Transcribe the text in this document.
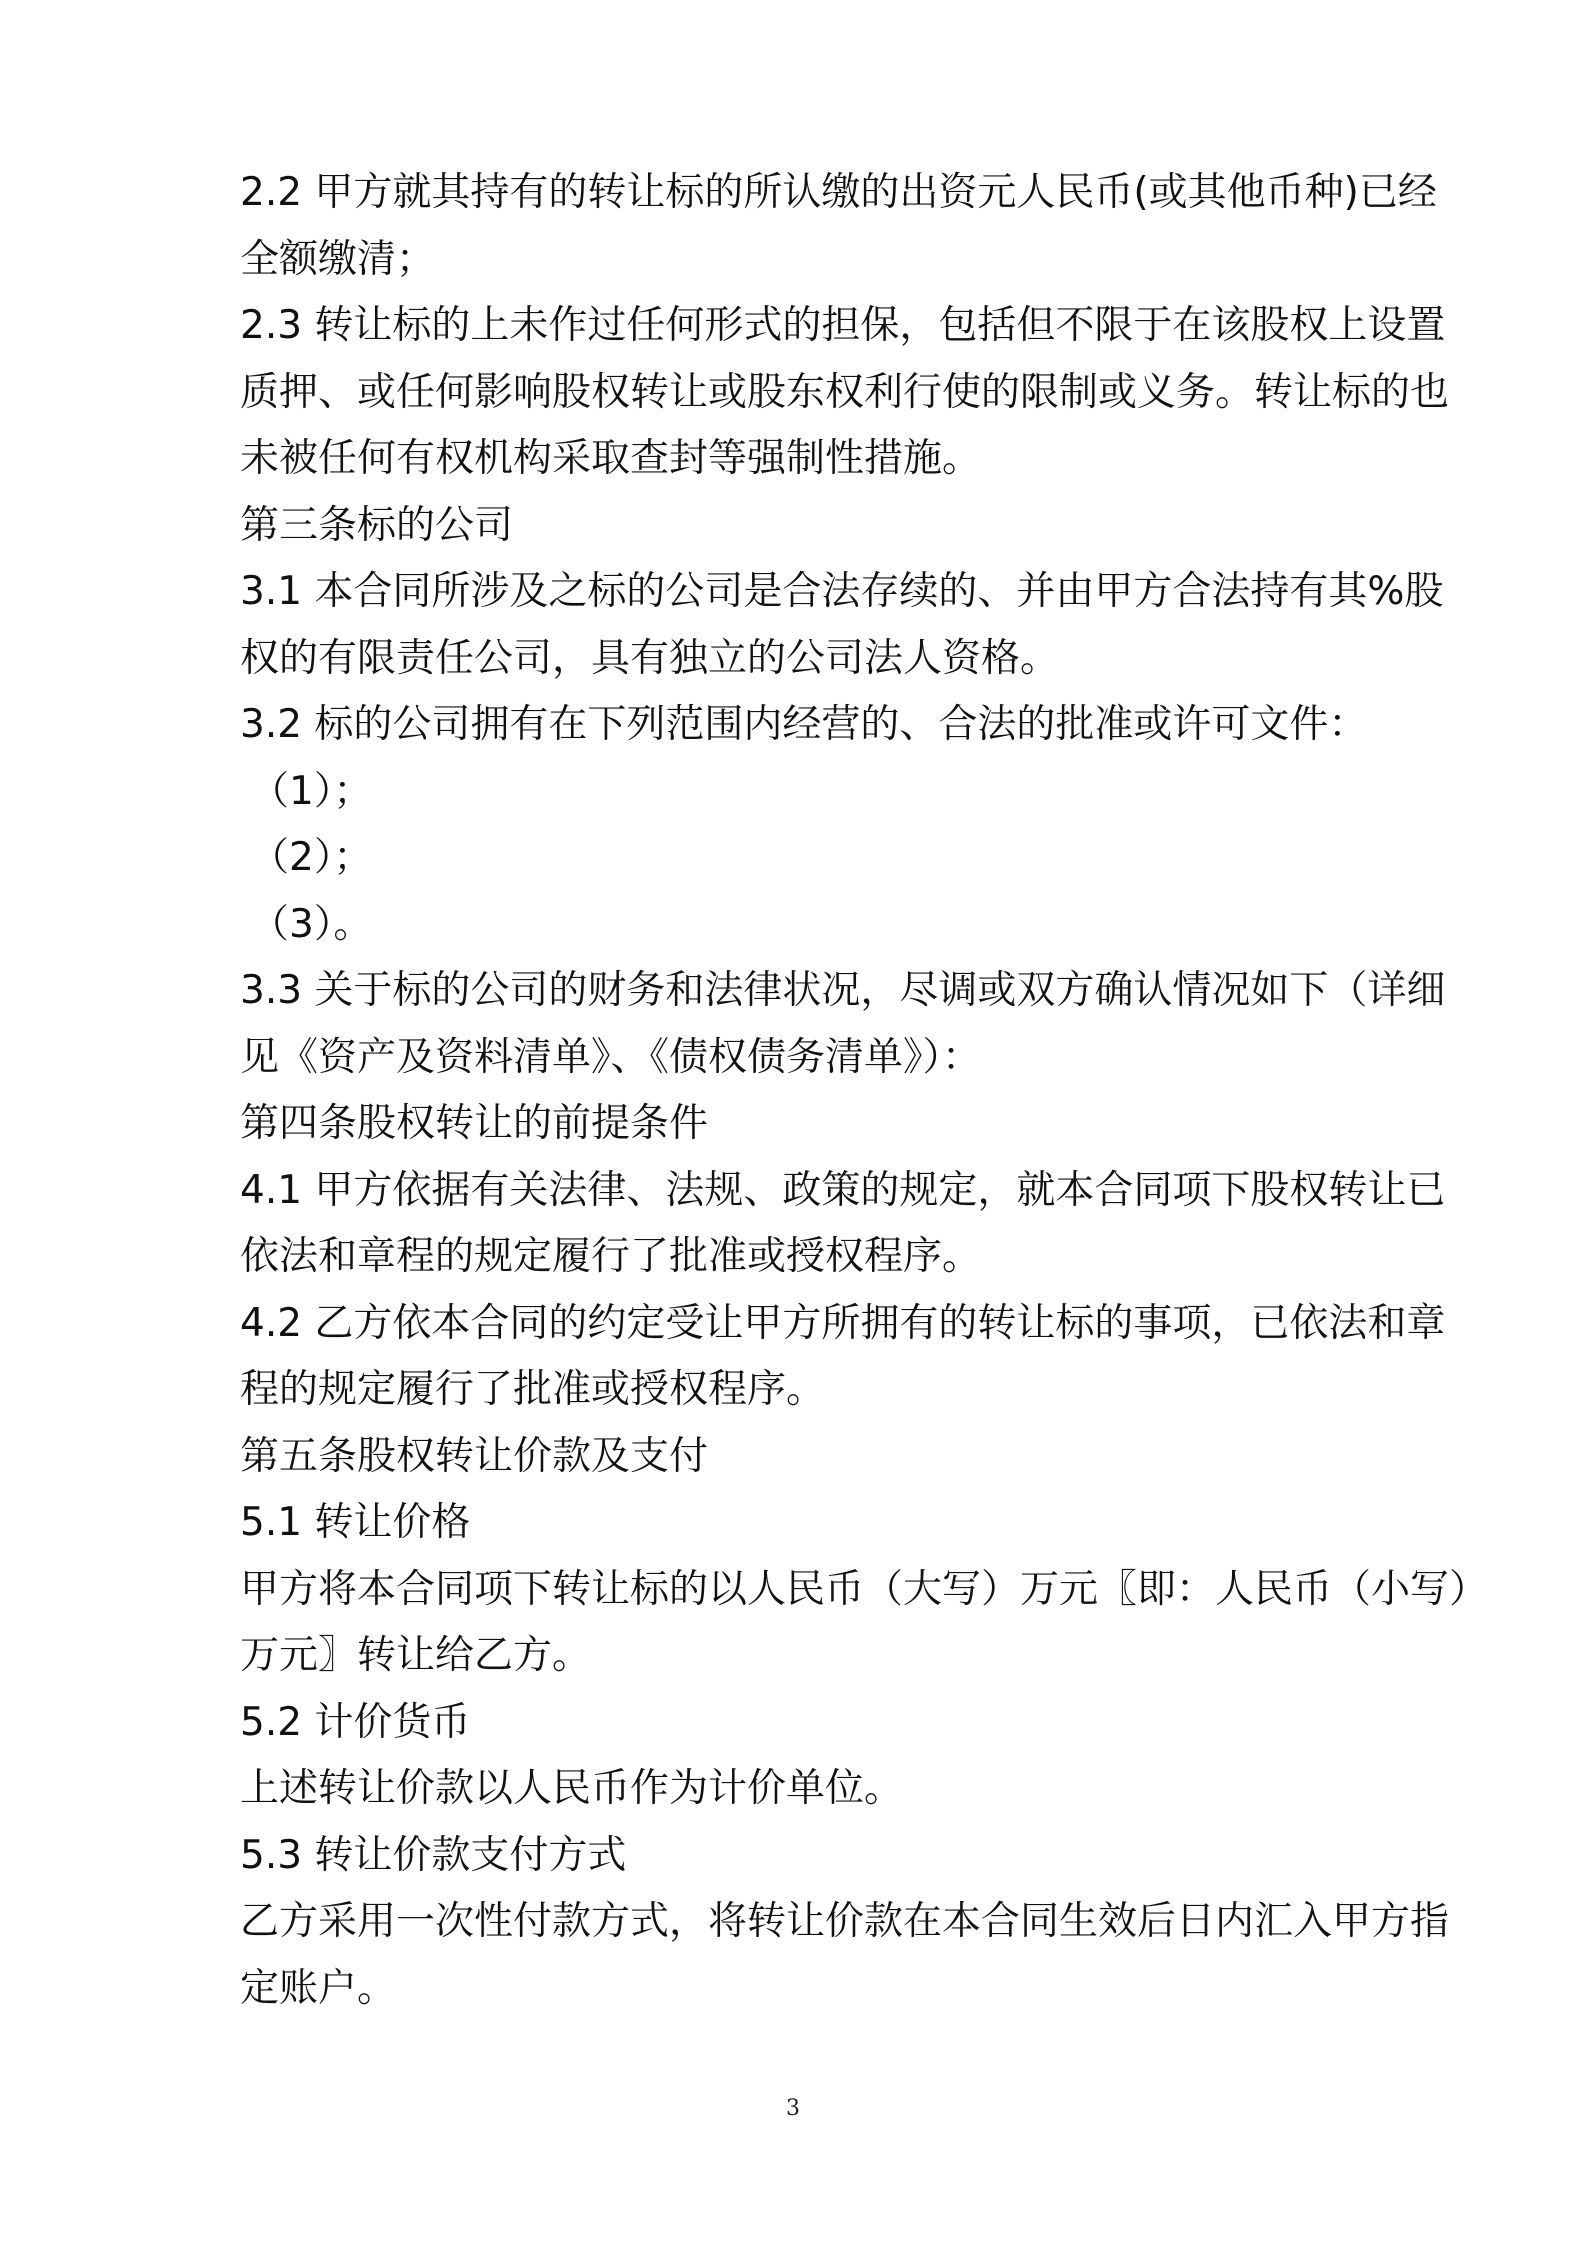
2.2 甲方就其持有的转让标的所认缴的出资元人民币(或其他币种)已经
全额缴清；
2.3 转让标的上未作过任何形式的担保，包括但不限于在该股权上设置
质押、或任何影响股权转让或股东权利行使的限制或义务。转让标的也
未被任何有权机构采取查封等强制性措施。
第三条标的公司
3.1 本合同所涉及之标的公司是合法存续的、并由甲方合法持有其%股
权的有限责任公司，具有独立的公司法人资格。
3.2 标的公司拥有在下列范围内经营的、合法的批准或许可文件：
（1）；
（2）；
（3）。
3.3 关于标的公司的财务和法律状况，尽调或双方确认情况如下（详细
见《资产及资料清单》、《债权债务清单》）：
第四条股权转让的前提条件
4.1 甲方依据有关法律、法规、政策的规定，就本合同项下股权转让已
依法和章程的规定履行了批准或授权程序。
4.2 乙方依本合同的约定受让甲方所拥有的转让标的事项，已依法和章
程的规定履行了批准或授权程序。
第五条股权转让价款及支付
5.1 转让价格
甲方将本合同项下转让标的以人民币（大写）万元〖即：人民币（小写）
万元〗转让给乙方。
5.2 计价货币
上述转让价款以人民币作为计价单位。
5.3 转让价款支付方式
乙方采用一次性付款方式，将转让价款在本合同生效后日内汇入甲方指
定账户。
3
